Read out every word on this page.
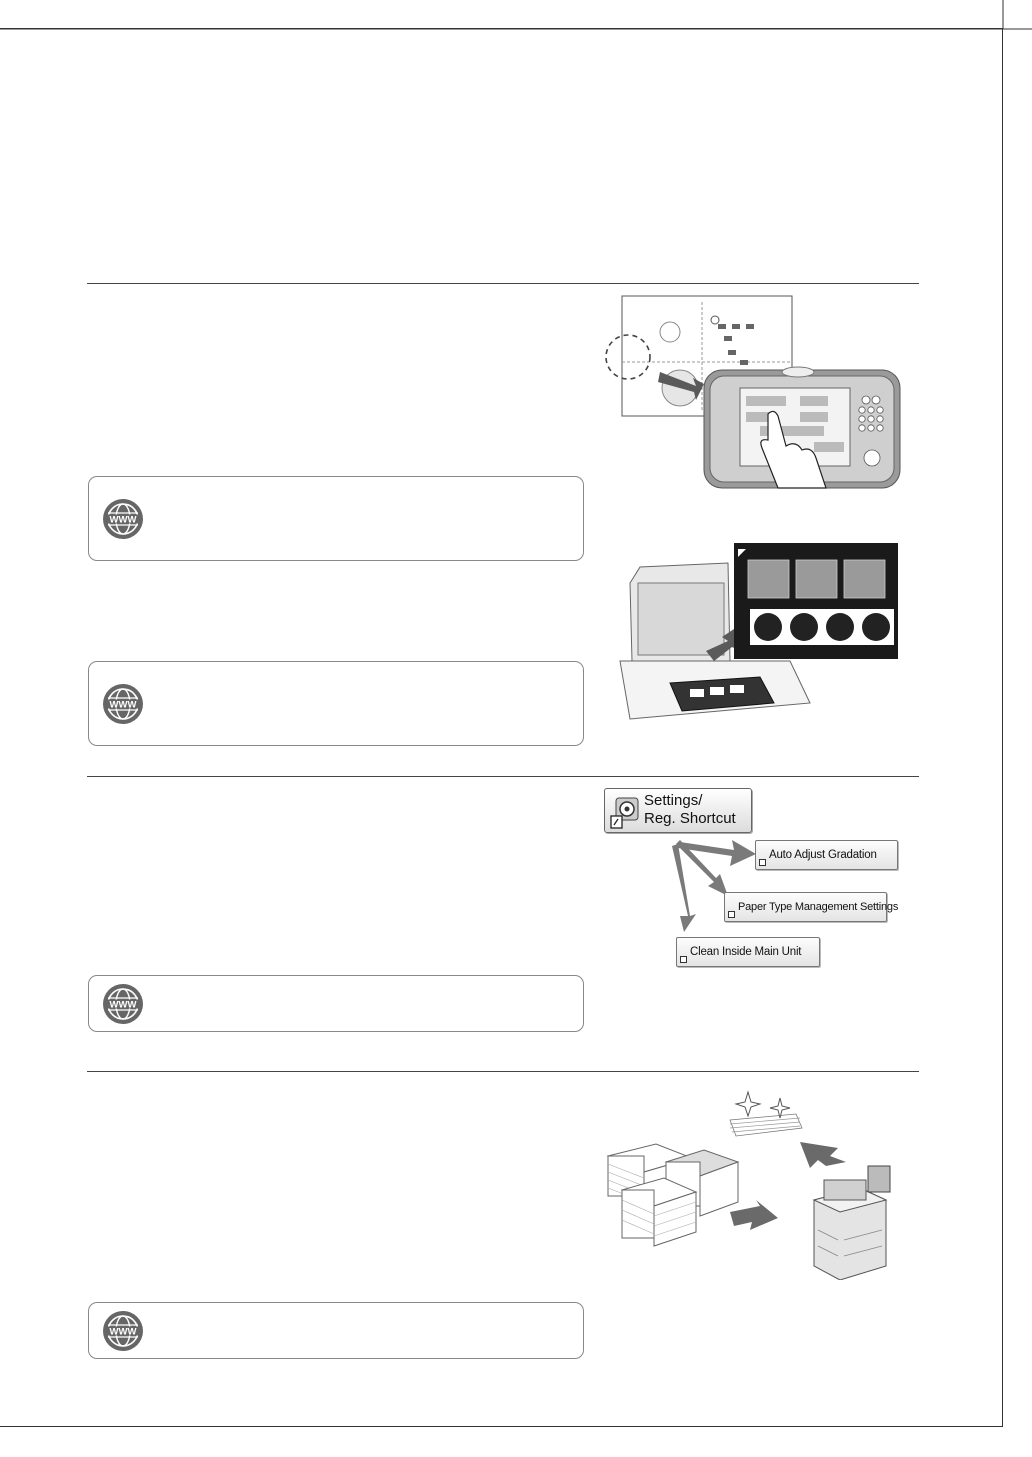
WWW
WWW
WWW
WWW
Settings/
Reg. Shortcut
Auto Adjust Gradation
Paper Type Management Settings
Clean Inside Main Unit
